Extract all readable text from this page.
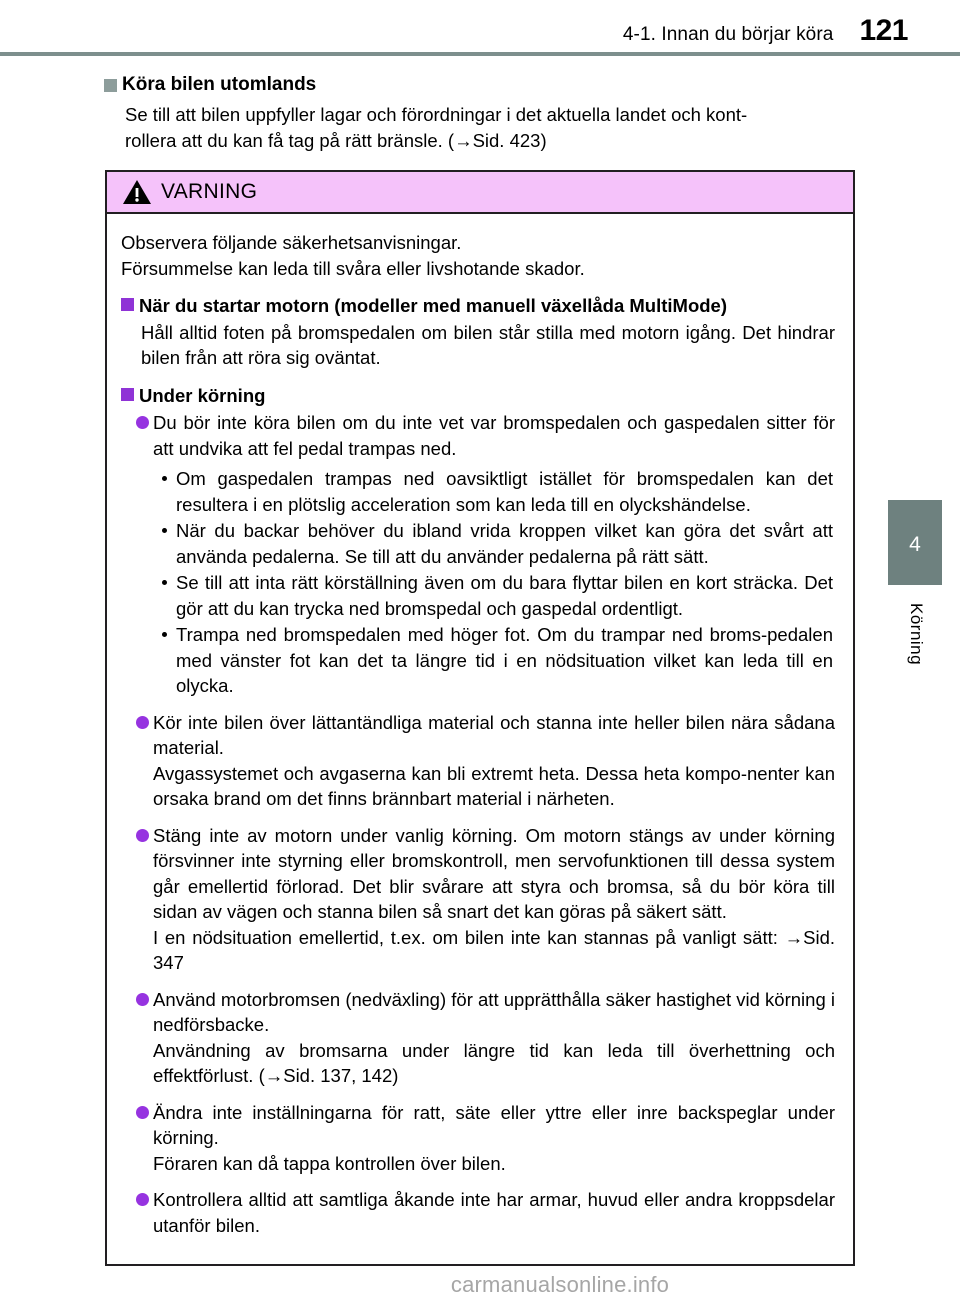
4-1. Innan du börjar köra 121
4
Körning
Köra bilen utomlands
Se till att bilen uppfyller lagar och förordningar i det aktuella landet och kont-
rollera att du kan få tag på rätt bränsle. (→Sid. 423)
VARNING
Observera följande säkerhetsanvisningar.
Försummelse kan leda till svåra eller livshotande skador.
När du startar motorn (modeller med manuell växellåda MultiMode)
Håll alltid foten på bromspedalen om bilen står stilla med motorn igång. Det hindrar bilen från att röra sig oväntat.
Under körning
Du bör inte köra bilen om du inte vet var bromspedalen och gaspedalen sitter för att undvika att fel pedal trampas ned.
Om gaspedalen trampas ned oavsiktligt istället för bromspedalen kan det resultera i en plötslig acceleration som kan leda till en olyckshändelse.
När du backar behöver du ibland vrida kroppen vilket kan göra det svårt att använda pedalerna. Se till att du använder pedalerna på rätt sätt.
Se till att inta rätt körställning även om du bara flyttar bilen en kort sträcka. Det gör att du kan trycka ned bromspedal och gaspedal ordentligt.
Trampa ned bromspedalen med höger fot. Om du trampar ned broms-pedalen med vänster fot kan det ta längre tid i en nödsituation vilket kan leda till en olycka.
Kör inte bilen över lättantändliga material och stanna inte heller bilen nära sådana material.
Avgassystemet och avgaserna kan bli extremt heta. Dessa heta kompo-nenter kan orsaka brand om det finns brännbart material i närheten.
Stäng inte av motorn under vanlig körning. Om motorn stängs av under körning försvinner inte styrning eller bromskontroll, men servofunktionen till dessa system går emellertid förlorad. Det blir svårare att styra och bromsa, så du bör köra till sidan av vägen och stanna bilen så snart det kan göras på säkert sätt.
I en nödsituation emellertid, t.ex. om bilen inte kan stannas på vanligt sätt: →Sid. 347
Använd motorbromsen (nedväxling) för att upprätthålla säker hastighet vid körning i nedförsbacke.
Användning av bromsarna under längre tid kan leda till överhettning och effektförlust. (→Sid. 137, 142)
Ändra inte inställningarna för ratt, säte eller yttre eller inre backspeglar under körning.
Föraren kan då tappa kontrollen över bilen.
Kontrollera alltid att samtliga åkande inte har armar, huvud eller andra kroppsdelar utanför bilen.
carmanualsonline.info
